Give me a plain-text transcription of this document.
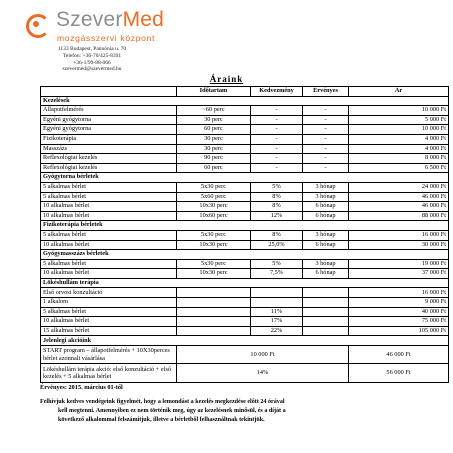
SzeverMed
mozgásszervi központ
1133 Budapest, Pannónia u. 70
Telefon: +36-70/425-8391
+36-1/99-88-066
szevermed@szevermed.hu
Áraink
	Időtartam	Kedvezmény	Érvényes	Ár
Kezelések				
Állapotfelmérés	~60 perc	-	-	10 000 Ft
Egyéni gyógytorna	30 perc	-	-	5 000 Ft
Egyéni gyógytorna	60 perc	-	-	10 000 Ft
Fizikoterápia	30 perc	-	-	4 000 Ft
Masszázs	30 perc	-	-	4 000 Ft
Reflexológiai kezelés	90 perc	-	-	8 000 Ft
Reflexológiai kezelés	60 perc	-	-	6 500 Ft
Gyógytorna bérletek				
5 alkalmas bérlet	5x30 perc	5%	3 hónap	24 000 Ft
5 alkalmas bérlet	5x60 perc	8%	3 hónap	46 000 Ft
10 alkalmas bérlet	10x30 perc	8%	6 hónap	46 000 Ft
10 alkalmas bérlet	10x60 perc	12%	6 hónap	88 000 Ft
Fizikoterápia bérletek				
5 alkalmas bérlet	5x30 perc	8%	3 hónap	16 000 Ft
10 alkalmas bérlet	10x30 perc	25,0%	6 hónap	30 000 Ft
Gyógymasszázs bérletek				
5 alkalmas bérlet	5x30 perc	5%	3 hónap	19 000 Ft
10 alkalmas bérlet	10x30 perc	7,5%	6 hónap	37 000 Ft
Lökéshullám terápia				
Első orvosi konzultáció				16 000 Ft
1 alkalom				9 000 Ft
5 alkalmas bérlet		11%		40 000 Ft
10 alkalmas bérlet		17%		75 000 Ft
15 alkalmas bérlet		22%		105 000 Ft
Jelenlegi akcióink				
START program – állapotfelmérés + 10X30perces bérlet azonnali vásárlása	10 000 Ft			46 000 Ft
Lökéshullám terápia akció: első konzultáció + első kezelés + 5 alkalmas bérlet	14%			56 000 Ft
Érvényes: 2015. március 01-től
Felhívjuk kedves vendégeink figyelmét, hogy a lemondást a kezelés megkezdése előtt 24 órával
kell megtenni. Amennyiben ez nem történik meg, úgy az kezelésnek minősül, és a díját a
következő alkalommal felszámítjuk, illetve a bérletből felhasználtnak tekintjük.
